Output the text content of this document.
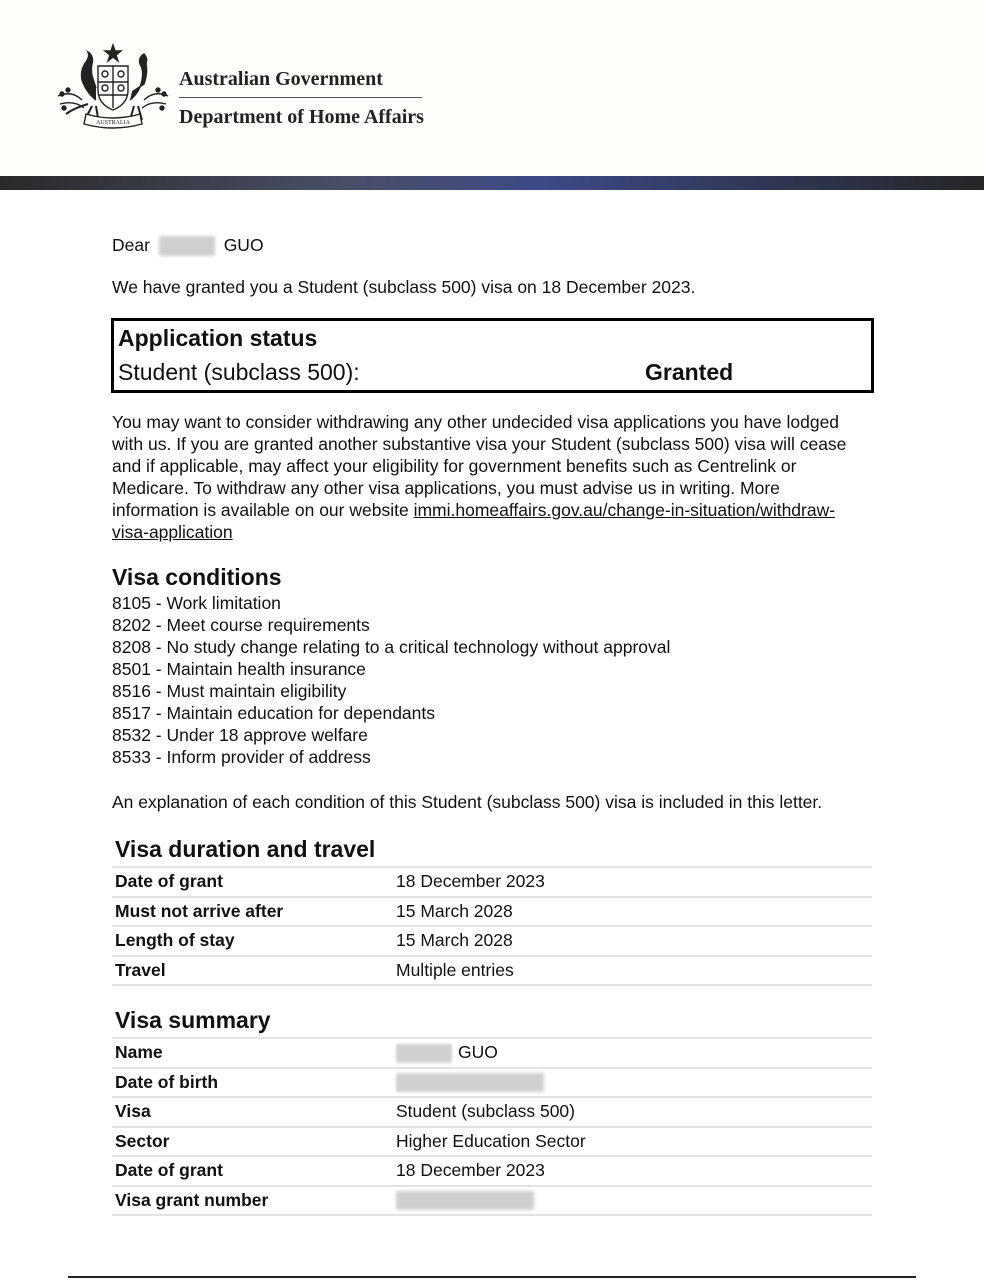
AUSTRALIA
Australian Government
Department of Home Affairs
Dear	GUO
We have granted you a Student (subclass 500) visa on 18 December 2023.
Application status
Student (subclass 500):	Granted
You may want to consider withdrawing any other undecided visa applications you have lodged with us. If you are granted another substantive visa your Student (subclass 500) visa will cease and if applicable, may affect your eligibility for government benefits such as Centrelink or Medicare. To withdraw any other visa applications, you must advise us in writing. More information is available on our website immi.homeaffairs.gov.au/change-in-situation/withdraw-visa-application
Visa conditions
8105 - Work limitation
8202 - Meet course requirements
8208 - No study change relating to a critical technology without approval
8501 - Maintain health insurance
8516 - Must maintain eligibility
8517 - Maintain education for dependants
8532 - Under 18 approve welfare
8533 - Inform provider of address
An explanation of each condition of this Student (subclass 500) visa is included in this letter.
Visa duration and travel
Date of grant	18 December 2023
Must not arrive after	15 March 2028
Length of stay	15 March 2028
Travel	Multiple entries
Visa summary
Name	GUO
Date of birth
Visa	Student (subclass 500)
Sector	Higher Education Sector
Date of grant	18 December 2023
Visa grant number
